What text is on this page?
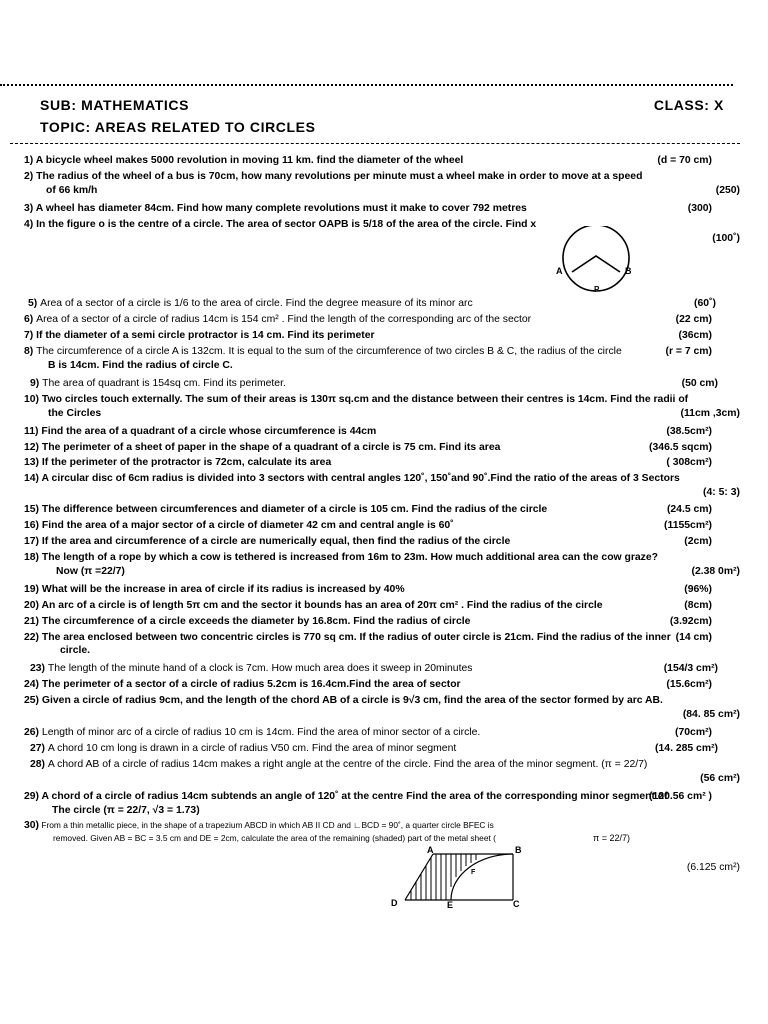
SUB: MATHEMATICS	CLASS: X
TOPIC: AREAS RELATED TO CIRCLES
1) A bicycle wheel makes 5000 revolution in moving 11 km. find the diameter of the wheel	(d = 70 cm)
2) The radius of the wheel of a bus is 70cm, how many revolutions per minute must a wheel make in order to move at a speed
of 66 km/h	(250)
3) A wheel has diameter 84cm. Find how many complete revolutions must it make to cover 792 metres	(300)
4) In the figure o is the centre of a circle. The area of sector OAPB is 5/18 of the area of the circle. Find x
(100˚)
5) Area of a sector of a circle is 1/6 to the area of circle. Find the degree measure of its minor arc	(60˚)
6) Area of a sector of a circle of radius 14cm is 154 cm² . Find the length of the corresponding arc of the sector	(22 cm)
7) If the diameter of a semi circle protractor is 14 cm. Find its perimeter	(36cm)
8) The circumference of a circle A is 132cm. It is equal to the sum of the circumference of two circles B & C, the radius of the circle	(r = 7 cm)
B is 14cm. Find the radius of circle C.
9) The area of quadrant is 154sq cm. Find its perimeter.	(50 cm)
10) Two circles touch externally. The sum of their areas is 130π sq.cm and the distance between their centres is 14cm. Find the radii of
the Circles	(11cm ,3cm)
11) Find the area of a quadrant of a circle whose circumference is 44cm	(38.5cm²)
12) The perimeter of a sheet of paper in the shape of a quadrant of a circle is 75 cm. Find its area	(346.5 sqcm)
13) If the perimeter of the protractor is 72cm, calculate its area	( 308cm²)
14) A circular disc of 6cm radius is divided into 3 sectors with central angles 120˚, 150˚and 90˚.Find the ratio of the areas of 3 Sectors
(4: 5: 3)
15) The difference between circumferences and diameter of a circle is 105 cm. Find the radius of the circle	(24.5 cm)
16) Find the area of a major sector of a circle of diameter 42 cm and central angle is 60˚	(1155cm²)
17) If the area and circumference of a circle are numerically equal, then find the radius of the circle	(2cm)
18) The length of a rope by which a cow is tethered is increased from 16m to 23m. How much additional area can the cow graze?
Now (π =22/7)	(2.38 0m²)
19) What will be the increase in area of circle if its radius is increased by 40%	(96%)
20) An arc of a circle is of length 5π cm and the sector it bounds has an area of 20π cm² . Find the radius of the circle	(8cm)
21) The circumference of a circle exceeds the diameter by 16.8cm. Find the radius of circle	(3.92cm)
22) The area enclosed between two concentric circles is 770 sq cm. If the radius of outer circle is 21cm. Find the radius of the inner (14 cm)
circle.
23) The length of the minute hand of a clock is 7cm. How much area does it sweep in 20minutes	(154/3 cm²)
24) The perimeter of a sector of a circle of radius 5.2cm is 16.4cm.Find the area of sector	(15.6cm²)
25) Given a circle of radius 9cm, and the length of the chord AB of a circle is 9√3 cm, find the area of the sector formed by arc AB.
(84. 85 cm²)
26) Length of minor arc of a circle of radius 10 cm is 14cm. Find the area of minor sector of a circle.	(70cm²)
27) A chord 10 cm long is drawn in a circle of radius V50 cm. Find the area of minor segment	(14. 285 cm²)
28) A chord AB of a circle of radius 14cm makes a right angle at the centre of the circle. Find the area of the minor segment. (π = 22/7)
(56 cm²)
29) A chord of a circle of radius 14cm subtends an angle of 120˚ at the centre Find the area of the corresponding minor segment of
(120.56 cm² )
The circle (π = 22/7, √3 = 1.73)
30) From a thin metallic piece, in the shape of a trapezium ABCD in which AB II CD and ∟BCD = 90˚, a quarter circle BFEC is
removed. Given AB = BC = 3.5 cm and DE = 2cm, calculate the area of the remaining (shaded) part of the metal sheet (	π = 22/7)
(6.125 cm²)
A	B
P
A	B
D	E
F
C
